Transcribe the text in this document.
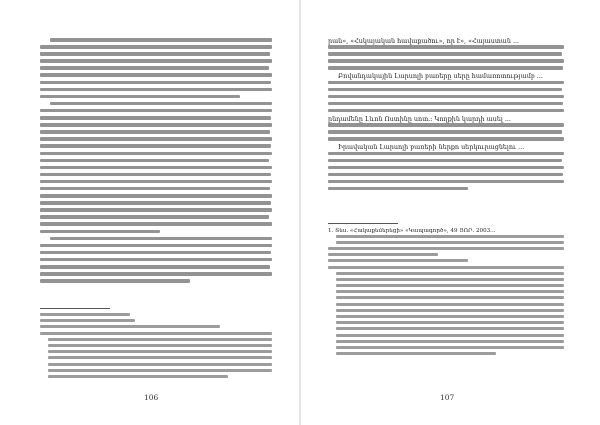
106
րան», «Հսկայական հավաքածու», որ է», «Հայաստան ...
Բովանդակային Լարսոլի բառերը սերը համառոտությամբ ...
ընդամենը Լևոն Ոստինը սոտ.։ Կողքին կարդի ասել ...
Իրավական Լարսոլի բառերի ներքո սերկուրացնելու ...
1. Տես. «Հակաքեմերեցի» «Կապագործ», 49 ՅՈՐ. 2003...
107
